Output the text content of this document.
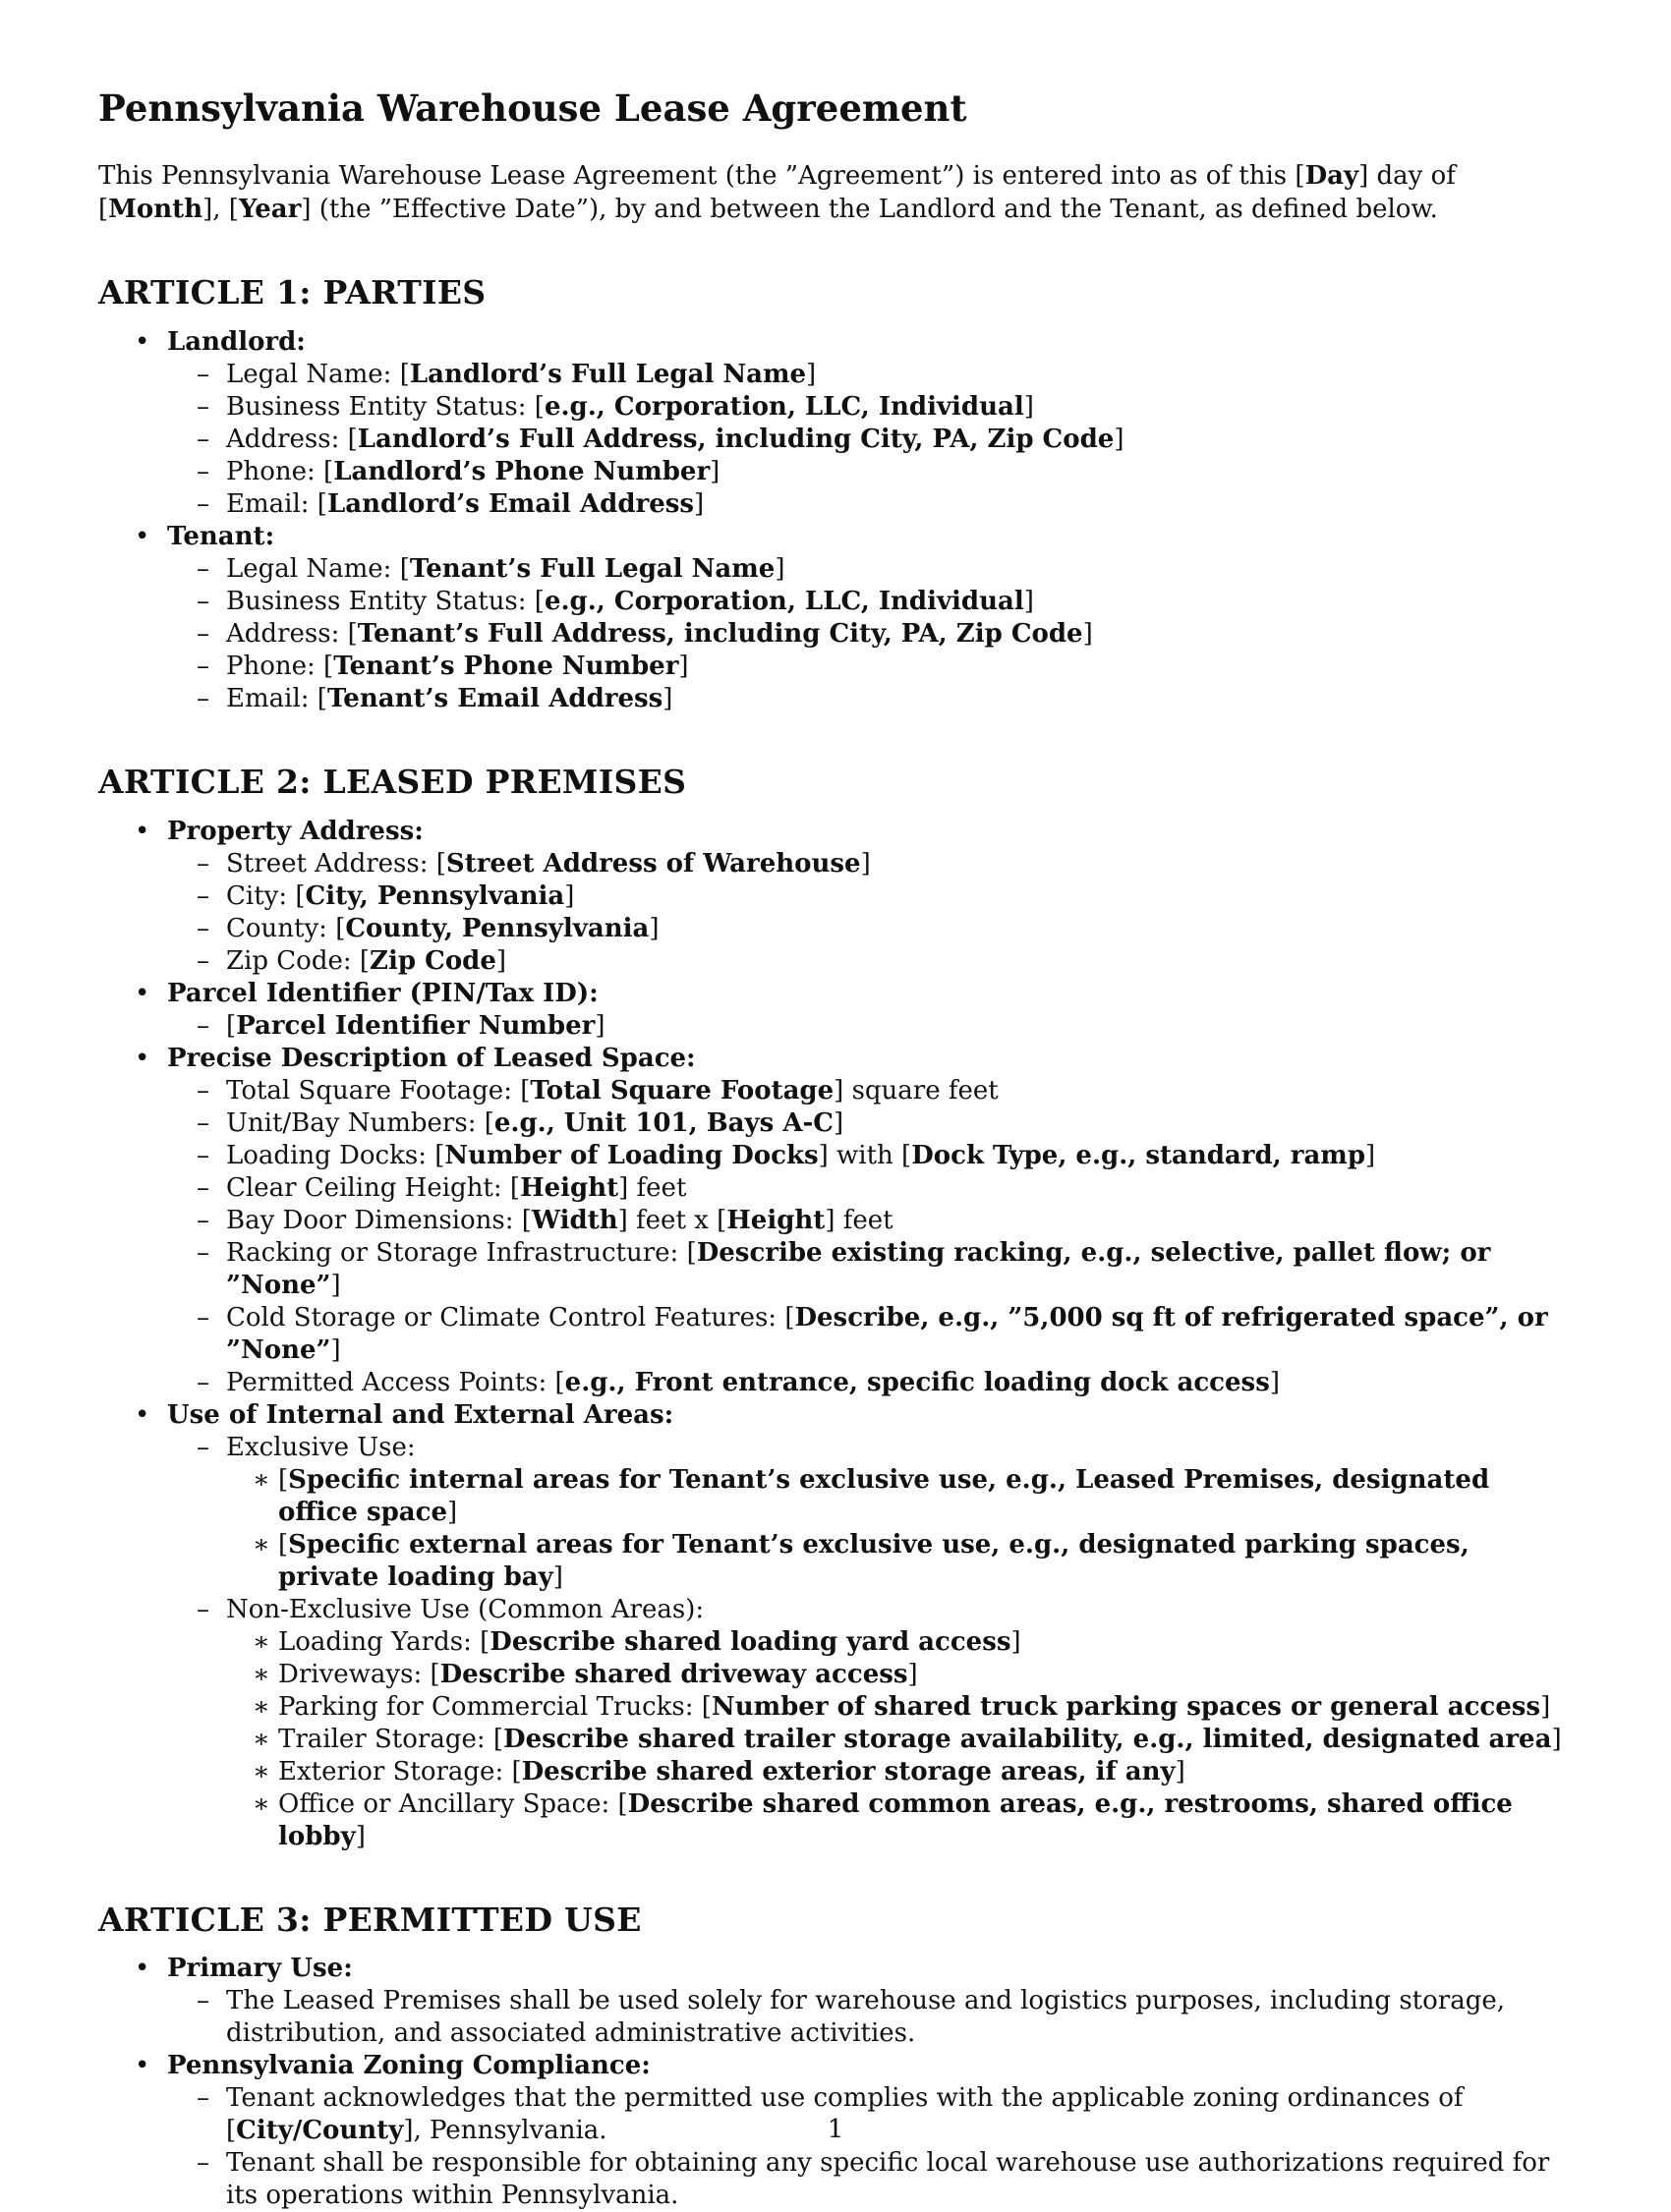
Pennsylvania Warehouse Lease Agreement

This Pennsylvania Warehouse Lease Agreement (the ”Agreement”) is entered into as of this [Day] day of [Month], [Year] (the ”Effective Date”), by and between the Landlord and the Tenant, as defined below.

ARTICLE 1: PARTIES
• Landlord:
– Legal Name: [Landlord’s Full Legal Name]
– Business Entity Status: [e.g., Corporation, LLC, Individual]
– Address: [Landlord’s Full Address, including City, PA, Zip Code]
– Phone: [Landlord’s Phone Number]
– Email: [Landlord’s Email Address]
• Tenant:
– Legal Name: [Tenant’s Full Legal Name]
– Business Entity Status: [e.g., Corporation, LLC, Individual]
– Address: [Tenant’s Full Address, including City, PA, Zip Code]
– Phone: [Tenant’s Phone Number]
– Email: [Tenant’s Email Address]
ARTICLE 2: LEASED PREMISES
• Property Address:
– Street Address: [Street Address of Warehouse]
– City: [City, Pennsylvania]
– County: [County, Pennsylvania]
– Zip Code: [Zip Code]
• Parcel Identifier (PIN/Tax ID):
– [Parcel Identifier Number]
• Precise Description of Leased Space:
– Total Square Footage: [Total Square Footage] square feet
– Unit/Bay Numbers: [e.g., Unit 101, Bays A-C]
– Loading Docks: [Number of Loading Docks] with [Dock Type, e.g., standard, ramp]
– Clear Ceiling Height: [Height] feet
– Bay Door Dimensions: [Width] feet x [Height] feet
– Racking or Storage Infrastructure: [Describe existing racking, e.g., selective, pallet flow; or ”None”]
– Cold Storage or Climate Control Features: [Describe, e.g., ”5,000 sq ft of refrigerated space”, or ”None”]
– Permitted Access Points: [e.g., Front entrance, specific loading dock access]
• Use of Internal and External Areas:
– Exclusive Use:
∗ [Specific internal areas for Tenant’s exclusive use, e.g., Leased Premises, designated office space]
∗ [Specific external areas for Tenant’s exclusive use, e.g., designated parking spaces, private loading bay]
– Non-Exclusive Use (Common Areas):
∗ Loading Yards: [Describe shared loading yard access]
∗ Driveways: [Describe shared driveway access]
∗ Parking for Commercial Trucks: [Number of shared truck parking spaces or general access]
∗ Trailer Storage: [Describe shared trailer storage availability, e.g., limited, designated area]
∗ Exterior Storage: [Describe shared exterior storage areas, if any]
∗ Office or Ancillary Space: [Describe shared common areas, e.g., restrooms, shared office lobby]
ARTICLE 3: PERMITTED USE
• Primary Use:
– The Leased Premises shall be used solely for warehouse and logistics purposes, including storage, distribution, and associated administrative activities.
• Pennsylvania Zoning Compliance:
– Tenant acknowledges that the permitted use complies with the applicable zoning ordinances of [City/County], Pennsylvania.
– Tenant shall be responsible for obtaining any specific local warehouse use authorizations required for its operations within Pennsylvania.
1
